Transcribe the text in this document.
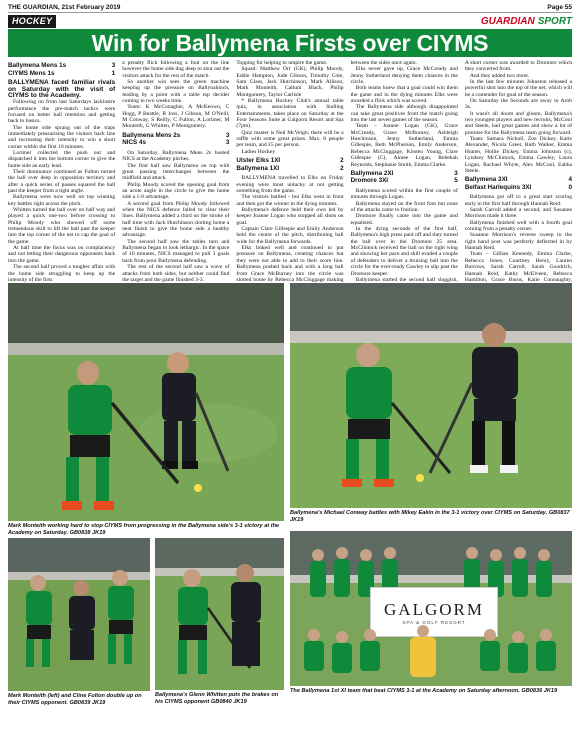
THE GUARDIAN, 21st February 2019	Page 55
HOCKEY	GUARDIAN SPORT
Win for Ballymena Firsts over CIYMS
Ballymena Mens 1s	3
CIYMS Mens 1s	1

BALLYMENA faced familiar rivals on Saturday with the visit of CIYMS to the Academy.

Following on from last Saturdays lacklustre performance the pre-match tactics were focused on better ball retention and getting back to basics.

The home side sprang out of the traps immediately pressurising the visitors back line and increasing their intensity to win a short corner within the first 10 minutes.

Lorimer collected the push out and dispatched it into the bottom corner to give the home side an early lead.

Their dominance continued as Fulton turned the ball over deep in opposition territory and after a quick series of passes squared the ball past the keeper from a tight angle.

Ballymena were now well on top winning key battles right across the pitch.

Whitten turned the ball over on half way and played a quick one-two before crossing to Philip Moody who showed off some tremendous skill to lift the ball past the keeper into the top corner of the net to cap the goal of the game.

At half time the focus was on complacency and not letting their dangerous opponents back into the game.

The second half proved a tougher affair with the home side struggling to keep up the intensity of the first.

a penalty flick following a foul on the line however the home side dug deep to shut out the visitors attack for the rest of the match.

So another win sees the green machine keeping up the pressure on Ballynahinch, leading by a point with a table top decider coming in two weeks time.

Team: K McConaghie, A McKeown, C Hogg, P Beattie, R Joss, J Gibson, M O'Neill, M Conway, S Reilly, C Fulton, A Lorimer, M Monteith, G Whitten, P Montgomery.

Ballymena Mens 2s	3
NICS 4s	3

On Saturday, Ballymena Mens 2s hosted NICS at the Academy pitches.

The first half saw Ballymena on top with great passing interchanges between the midfield and attack.

Philip Moody scored the opening goal from an acute angle in the circle to give the home side a 1-0 advantage.

A second goal from Philip Moody followed when the NICS defence failed to clear their lines. Ballymena added a third on the stroke of half time with Jack Hutchinson slotting home a neat finish to give the home side a healthy advantage.

The second half saw the tables turn and Ballymena began to look lethargic. In the space of 10 minutes, NICS managed to pull 3 goals back from poor Ballymena defending.

The rest of the second half saw a wave of attacks from both sides, but neither could find the target and the game finished 3-3.

Topping for helping to umpire the game.

Squad: Matthew Orr (GK), Philip Moody, Eddie Hampton, Jude Gibson, Timothy Cole, Sam Glass, Jack Hutchinson, Mark Allison, Mark Monteith, Callum Black, Philip Montgomery, Taylor Carlisle

* Ballymena Hockey Club's annual table quiz, in association with Stalling Entertainments, takes place on Saturday at the Four Seasons Suite at Galgorm Resort and Spa (7pm).

Quiz master is Neil McVeigh; there will be a raffle with some great prizes. Max. 8 people per team, and £5 per person.

Ladies Hockey

Ulster Elks 1XI	2
Ballymena 1XI	2

BALLYMENA travelled to Elks on Friday evening were most unlucky at not getting something from the game.

The visitors battled - but Elks went in front and then got the winner in the dying minutes.

Ballymena's defence held their own led by keeper Joanne Logan who stopped all shots on goal.

Captain Clare Gillespie and Emily Anderson held the centre of the pitch, distributing ball wide for the Ballymena forwards.

Elks linked well and continued to put pressure on Ballymena, creating chances but they were not able to add to their score line. Ballymena pushed back and with a long ball from Grace McBurney into the circle was slotted home by Rebecca McCluggage making

between the sides once again.

Elks never gave up, Grace McCready and Jenny Sutherland denying them chances in the circle.

Both teams knew that a goal could win them the game and in the dying minutes Elks were awarded a flick which was scored.

The Ballymena side although disappointed can take great positives from the match going into the last seven games of the season.

Team – Joanne Logan (GK), Grace McCready, Grace McBurney, Ashleigh Hutchinson, Jenny Sutherland, Emma Gillespie, Beth McPherson, Emily Anderson, Rebecca McCluggage, Kirsten Young, Clare Gillespie (C), Aimee Logan, Rebekah Reynolds, Stephanie Smith, Emma Clarke.

Ballymena 2XI	3
Dromore 3XI	5

Ballymena scored within the first couple of minutes through Logan.

Ballymena stayed on the front foot but none of the attacks came to fruition.

Dromore finally came into the game and equalised.

In the dying seconds of the first half, Ballymena's high press paid off and they turned the ball over in the Dromore 25 area. McClintock received the ball on the right wing and showing her pace and skill evaded a couple of defenders to deliver a bruising ball into the circle for the ever-ready Gawley to slip past the Dromore keeper.

Ballymena started the second half sluggish,

A short corner was awarded to Dromore which they converted from.

And they added two more.

In the last few minutes Johnston released a powerful shot into the top of the net, which will be a contender for goal of the season.

On Saturday the Seconds are away to Arob 3s.

It wasn't all doom and gloom, Ballymena's two youngest players and new recruits, McCool and Steele, had great games and show a lot of promise for the Ballymena team going forward.

Team: Samara Nicholl, Zoe Dickey, Katie Alexander, Nicola Greer, Ruth Walker, Emma Hunter, Hollie Dickey, Emma Johnston (c), Lyndsey McClintock, Emma Gawley, Laura Logan, Rachael Whyte, Alex McCool, Eabha Steele.

Ballymena 3XI	4
Belfast Harlequins 3XI	0

Ballymena got off to a great start scoring early in the first half through Hannah Reid.

Sarah Carroll added a second, and Susanne Morrison made it three.

Ballymena finished well with a fourth goal coming from a penalty corner.

Susanne Morrison's reverse sweep to the right hand post was perfectly deflected in by Hannah Reid.

Team – Gillian Kennedy, Emma Clarke, Rebecca Jones, Courtney Henry, Lauren Burrows, Sarah Carroll, Sarah Goodrich, Hannah Reid, Kathy McElveen, Rebecca Hamilton, Grace Burns, Katie Connaughty,

Mark Monteith working hard to stop CIYMS from progressing in the Ballymena side's 3-1 victory at the Academy on Saturday. GB0838 JK19
Ballymena's Michael Conway battles with Mikey Eakin in the 3-1 victory over CIYMS on Saturday. GB0837 JK19
Mark Monteith (left) and Cline Fulton double up on their CIYMS opponent. GB0839 JK19
Ballymena's Glenn Whitten puts the brakes on his CIYMS opponent GB0840 JK19
GALGORM
SPA & GOLF RESORT
The Ballymena 1st XI team that beat CIYMS 3-1 at the Academy on Saturday afternoon. GB0836 JK19
